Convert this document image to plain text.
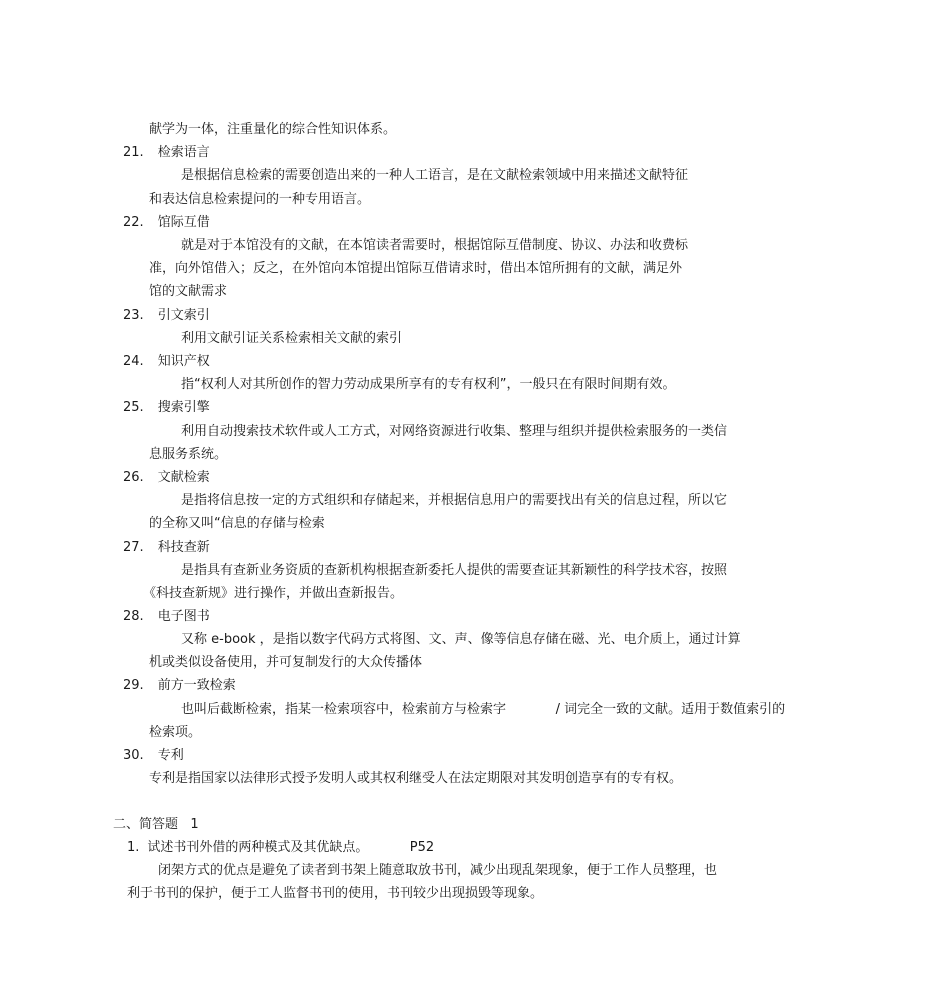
献学为一体，注重量化的综合性知识体系。
21. 检索语言
是根据信息检索的需要创造出来的一种人工语言，是在文献检索领域中用来描述文献特征
和表达信息检索提问的一种专用语言。
22. 馆际互借
就是对于本馆没有的文献，在本馆读者需要时，根据馆际互借制度、协议、办法和收费标
准，向外馆借入；反之，在外馆向本馆提出馆际互借请求时，借出本馆所拥有的文献，满足外
馆的文献需求
23. 引文索引
利用文献引证关系检索相关文献的索引
24. 知识产权
指“权利人对其所创作的智力劳动成果所享有的专有权利”，一般只在有限时间期有效。
25. 搜索引擎
利用自动搜索技术软件或人工方式，对网络资源进行收集、整理与组织并提供检索服务的一类信
息服务系统。
26. 文献检索
是指将信息按一定的方式组织和存储起来，并根据信息用户的需要找出有关的信息过程，所以它
的全称又叫“信息的存储与检索
27. 科技查新
是指具有查新业务资质的查新机构根据查新委托人提供的需要查证其新颖性的科学技术容，按照
《科技查新规》进行操作，并做出查新报告。
28. 电子图书
又称 e-book ，是指以数字代码方式将图、文、声、像等信息存储在磁、光、电介质上，通过计算
机或类似设备使用，并可复制发行的大众传播体
29. 前方一致检索
也叫后截断检索，指某一检索项容中，检索前方与检索字            / 词完全一致的文献。适用于数值索引的
检索项。
30. 专利
专利是指国家以法律形式授予发明人或其权利继受人在法定期限对其发明创造享有的专有权。
二、简答题   1
1. 试述书刊外借的两种模式及其优缺点。          P52
闭架方式的优点是避免了读者到书架上随意取放书刊，减少出现乱架现象，便于工作人员整理，也
利于书刊的保护，便于工人监督书刊的使用，书刊较少出现损毁等现象。
